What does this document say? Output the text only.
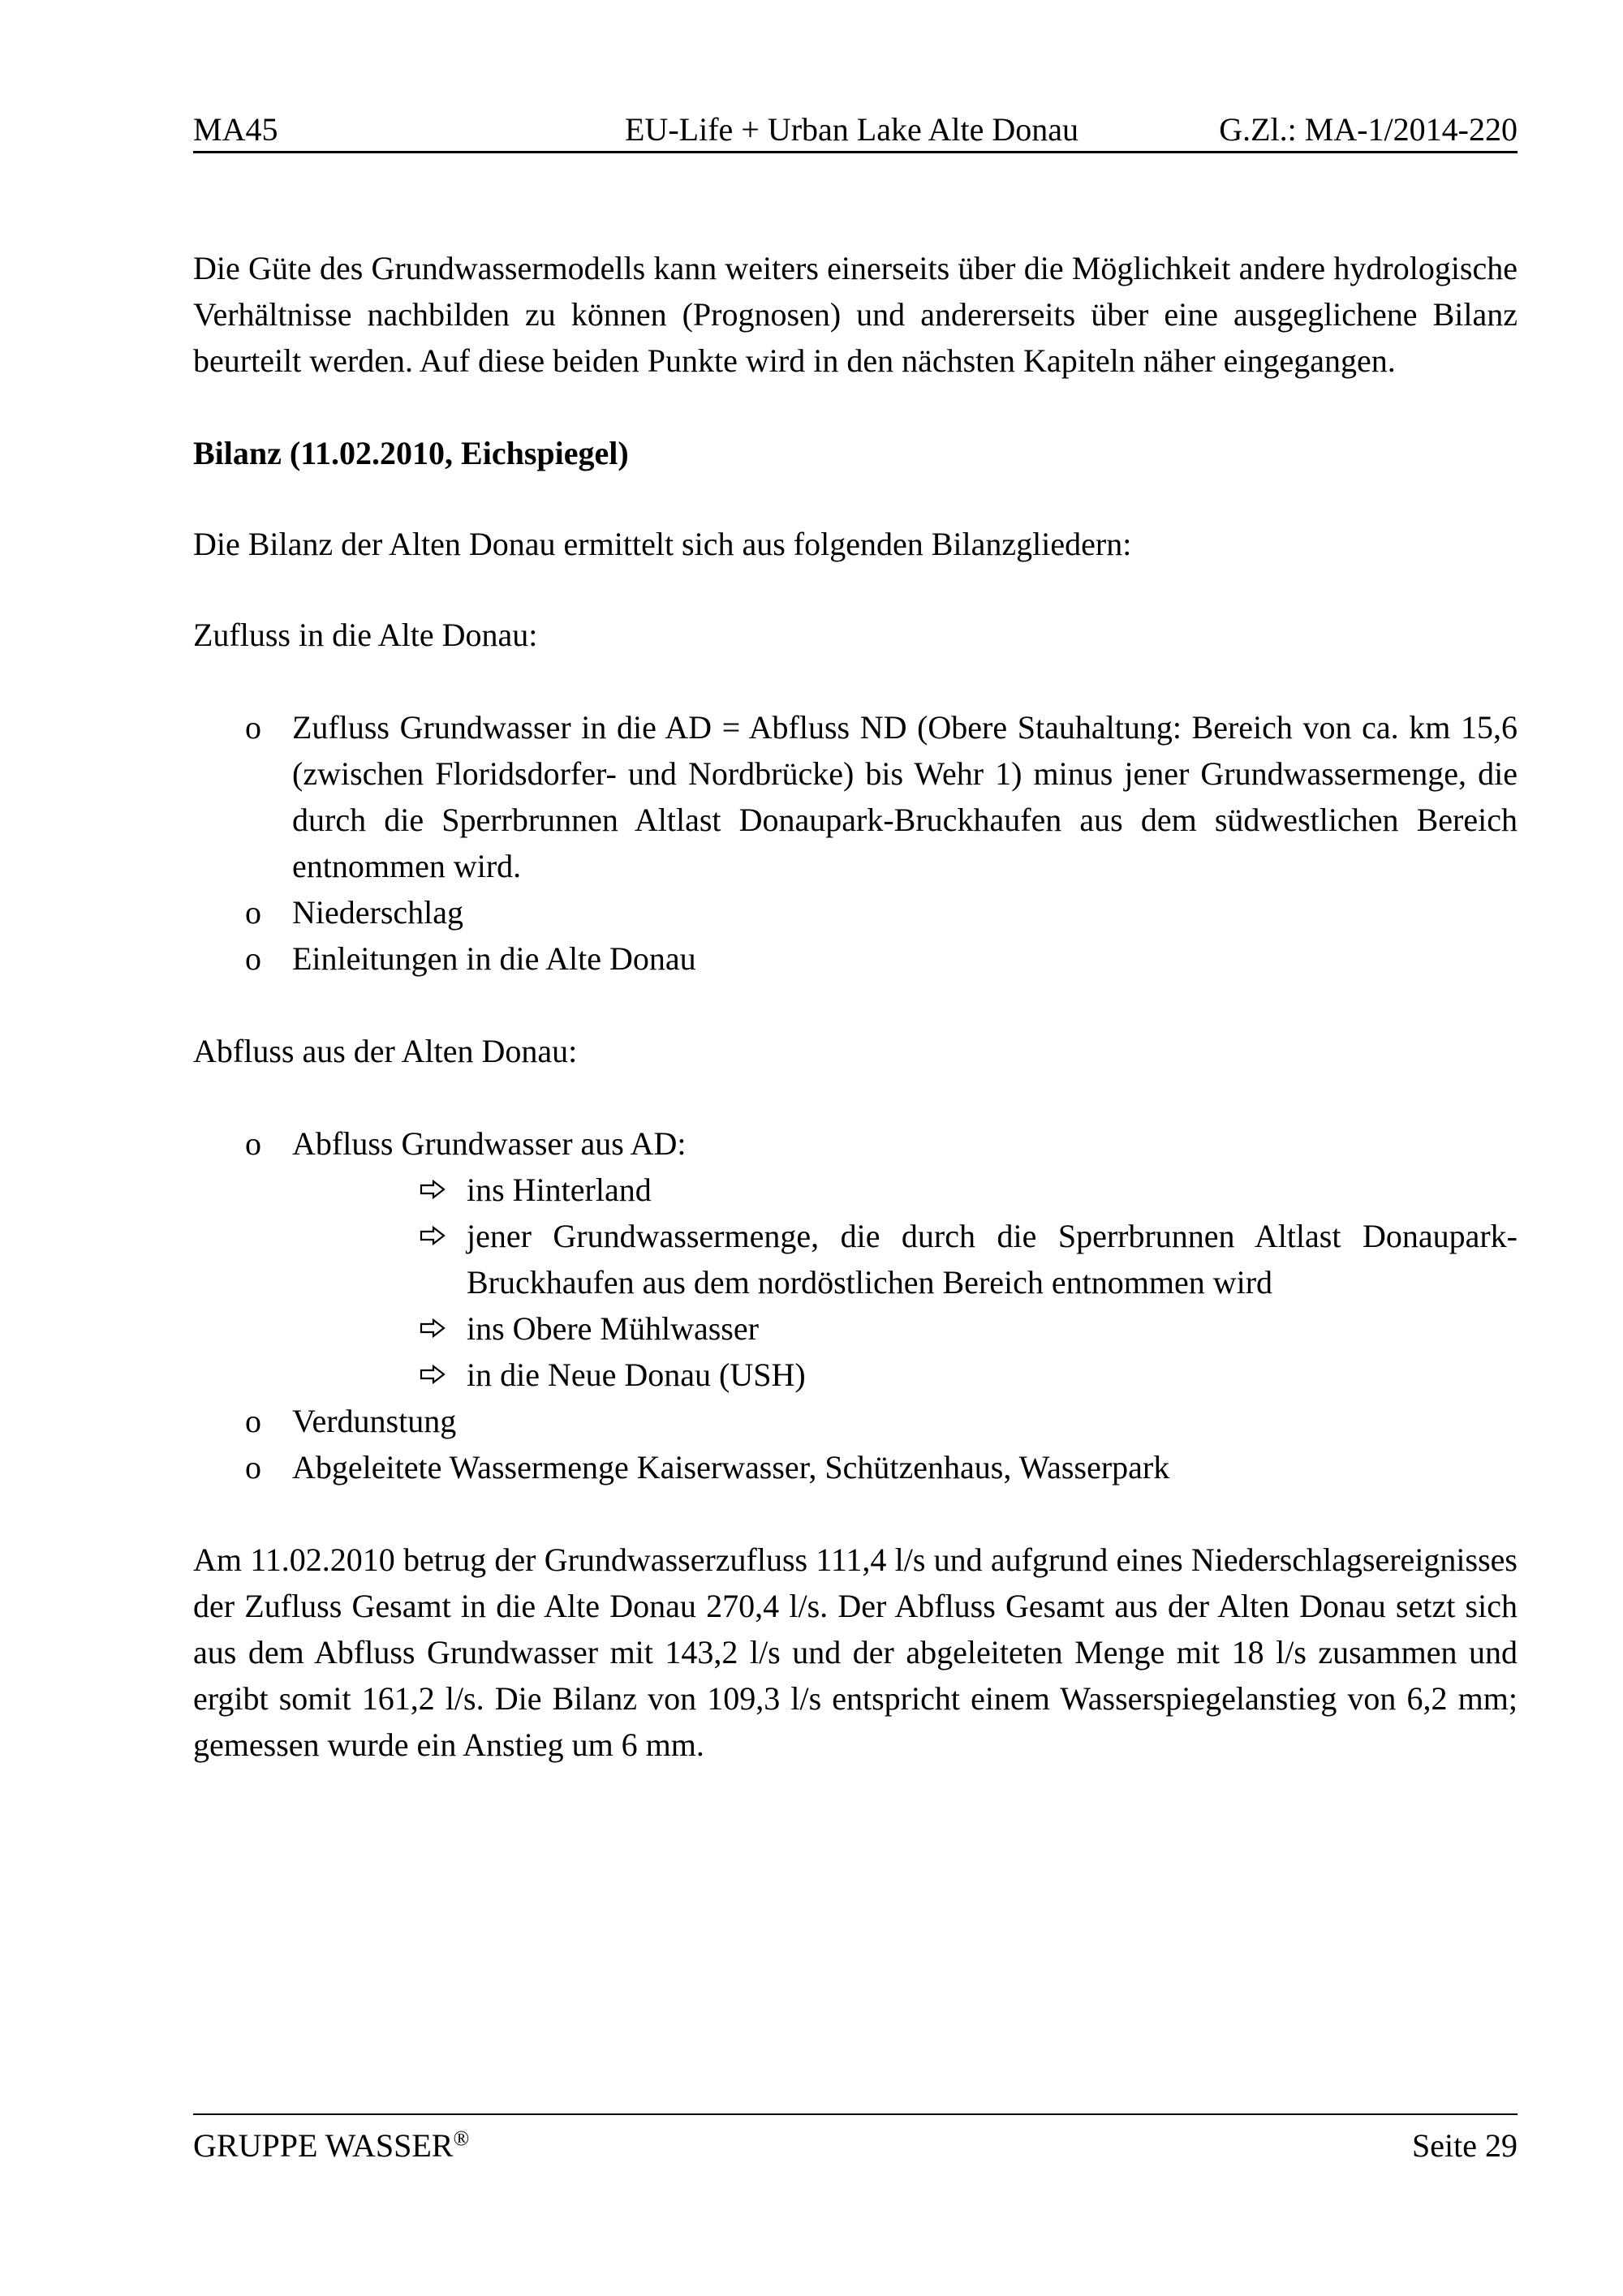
MA45	EU-Life + Urban Lake Alte Donau	G.Zl.: MA-1/2014-220

Die Güte des Grundwassermodells kann weiters einerseits über die Möglichkeit andere hydrologische Verhältnisse nachbilden zu können (Prognosen) und andererseits über eine ausgeglichene Bilanz beurteilt werden. Auf diese beiden Punkte wird in den nächsten Kapiteln näher eingegangen.

Bilanz (11.02.2010, Eichspiegel)

Die Bilanz der Alten Donau ermittelt sich aus folgenden Bilanzgliedern:

Zufluss in die Alte Donau:

o Zufluss Grundwasser in die AD = Abfluss ND (Obere Stauhaltung: Bereich von ca. km 15,6 (zwischen Floridsdorfer- und Nordbrücke) bis Wehr 1) minus jener Grundwassermenge, die durch die Sperrbrunnen Altlast Donaupark-Bruckhaufen aus dem südwestlichen Bereich entnommen wird.

o Niederschlag

o Einleitungen in die Alte Donau

Abfluss aus der Alten Donau:

o Abfluss Grundwasser aus AD:

ins Hinterland

jener Grundwassermenge, die durch die Sperrbrunnen Altlast Donaupark-Bruckhaufen aus dem nordöstlichen Bereich entnommen wird

ins Obere Mühlwasser

in die Neue Donau (USH)

o Verdunstung

o Abgeleitete Wassermenge Kaiserwasser, Schützenhaus, Wasserpark

Am 11.02.2010 betrug der Grundwasserzufluss 111,4 l/s und aufgrund eines Niederschlagsereignisses der Zufluss Gesamt in die Alte Donau 270,4 l/s. Der Abfluss Gesamt aus der Alten Donau setzt sich aus dem Abfluss Grundwasser mit 143,2 l/s und der abgeleiteten Menge mit 18 l/s zusammen und ergibt somit 161,2 l/s. Die Bilanz von 109,3 l/s entspricht einem Wasserspiegelanstieg von 6,2 mm; gemessen wurde ein Anstieg um 6 mm.

GRUPPE WASSER®	Seite 29
